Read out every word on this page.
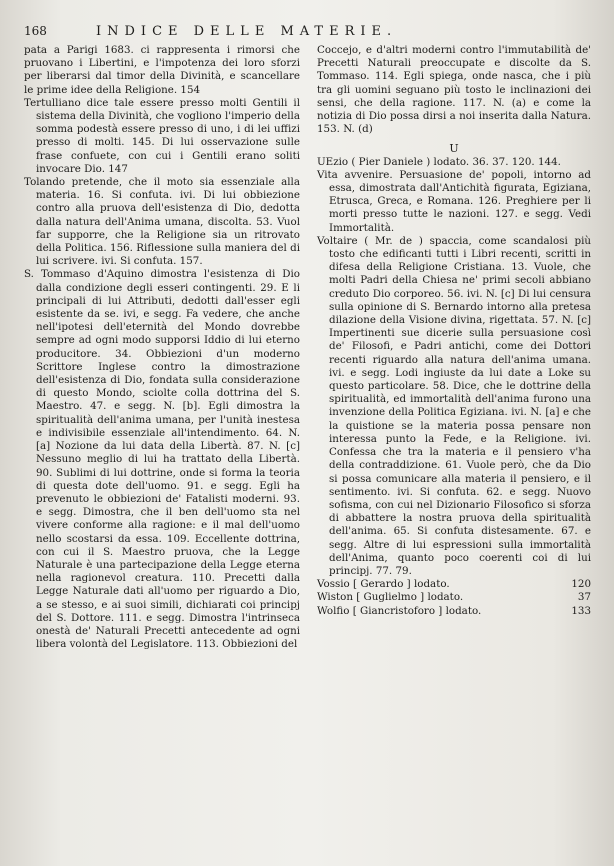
168	INDICE DELLE MATERIE.

pata a Parigi 1683. ci rappresenta i rimorsi che pruovano i Libertini, e l'impotenza dei loro sforzi per liberarsi dal timor della Divinità, e scancellare le prime idee della Religione. 154

Tertulliano dice tale essere presso molti Gentili il sistema della Divinità, che vogliono l'imperio della somma podestà essere presso di uno, i di lei uffizi presso di molti. 145. Di lui osservazione sulle frase confuete, con cui i Gentili erano soliti invocare Dio. 147

Tolando pretende, che il moto sia essenziale alla materia. 16. Si confuta. ivi. Di lui obbiezione contro alla pruova dell'esistenza di Dio, dedotta dalla natura dell'Anima umana, discolta. 53. Vuol far supporre, che la Religione sia un ritrovato della Politica. 156. Riflessione sulla maniera del di lui scrivere. ivi. Si confuta. 157.

S. Tommaso d'Aquino dimostra l'esistenza di Dio dalla condizione degli esseri contingenti. 29. E li principali di lui Attributi, dedotti dall'esser egli esistente da se. ivi, e segg. Fa vedere, che anche nell'ipotesi dell'eternità del Mondo dovrebbe sempre ad ogni modo supporsi Iddio di lui eterno producitore. 34. Obbiezioni d'un moderno Scrittore Inglese contro la dimostrazione dell'esistenza di Dio, fondata sulla considerazione di questo Mondo, sciolte colla dottrina del S. Maestro. 47. e segg. N. [b]. Egli dimostra la spiritualità dell'anima umana, per l'unità inestesa e indivisibile essenziale all'intendimento. 64. N. [a] Nozione da lui data della Libertà. 87. N. [c] Nessuno meglio di lui ha trattato della Libertà. 90. Sublimi di lui dottrine, onde si forma la teoria di questa dote dell'uomo. 91. e segg. Egli ha prevenuto le obbiezioni de' Fatalisti moderni. 93. e segg. Dimostra, che il ben dell'uomo sta nel vivere conforme alla ragione: e il mal dell'uomo nello scostarsi da essa. 109. Eccellente dottrina, con cui il S. Maestro pruova, che la Legge Naturale è una partecipazione della Legge eterna nella ragionevol creatura. 110. Precetti dalla Legge Naturale dati all'uomo per riguardo a Dio, a se stesso, e ai suoi simili, dichiarati coi principj del S. Dottore. 111. e segg. Dimostra l'intrinseca onestà de' Naturali Precetti antecedente ad ogni libera volontà del Legislatore. 113. Obbiezioni del

Coccejo, e d'altri moderni contro l'immutabilità de' Precetti Naturali preoccupate e discolte da S. Tommaso. 114. Egli spiega, onde nasca, che i più tra gli uomini seguano più tosto le inclinazioni dei sensi, che della ragione. 117. N. (a) e come la notizia di Dio possa dirsi a noi inserita dalla Natura. 153. N. (d)

U

UEzio ( Pier Daniele ) lodato. 36. 37. 120. 144.

Vita avvenire. Persuasione de' popoli, intorno ad essa, dimostrata dall'Antichità figurata, Egiziana, Etrusca, Greca, e Romana. 126. Preghiere per li morti presso tutte le nazioni. 127. e segg. Vedi Immortalità.

Voltaire ( Mr. de ) spaccia, come scandalosi più tosto che edificanti tutti i Libri recenti, scritti in difesa della Religione Cristiana. 13. Vuole, che molti Padri della Chiesa ne' primi secoli abbiano creduto Dio corporeo. 56. ivi. N. [c] Di lui censura sulla opinione di S. Bernardo intorno alla pretesa dilazione della Visione divina, rigettata. 57. N. [c] Impertinenti sue dicerie sulla persuasione così de' Filosofi, e Padri antichi, come dei Dottori recenti riguardo alla natura dell'anima umana. ivi. e segg. Lodi ingiuste da lui date a Loke su questo particolare. 58. Dice, che le dottrine della spiritualità, ed immortalità dell'anima furono una invenzione della Politica Egiziana. ivi. N. [a] e che la quistione se la materia possa pensare non interessa punto la Fede, e la Religione. ivi. Confessa che tra la materia e il pensiero v'ha della contraddizione. 61. Vuole però, che da Dio si possa comunicare alla materia il pensiero, e il sentimento. ivi. Si confuta. 62. e segg. Nuovo sofisma, con cui nel Dizionario Filosofico si sforza di abbattere la nostra pruova della spiritualità dell'anima. 65. Si confuta distesamente. 67. e segg. Altre di lui espressioni sulla immortalità dell'Anima, quanto poco coerenti coi di lui principj. 77. 79.

Vossio [ Gerardo ] lodato.	120

Wiston [ Guglielmo ] lodato.	37

Wolfio [ Giancristoforo ] lodato.	133
